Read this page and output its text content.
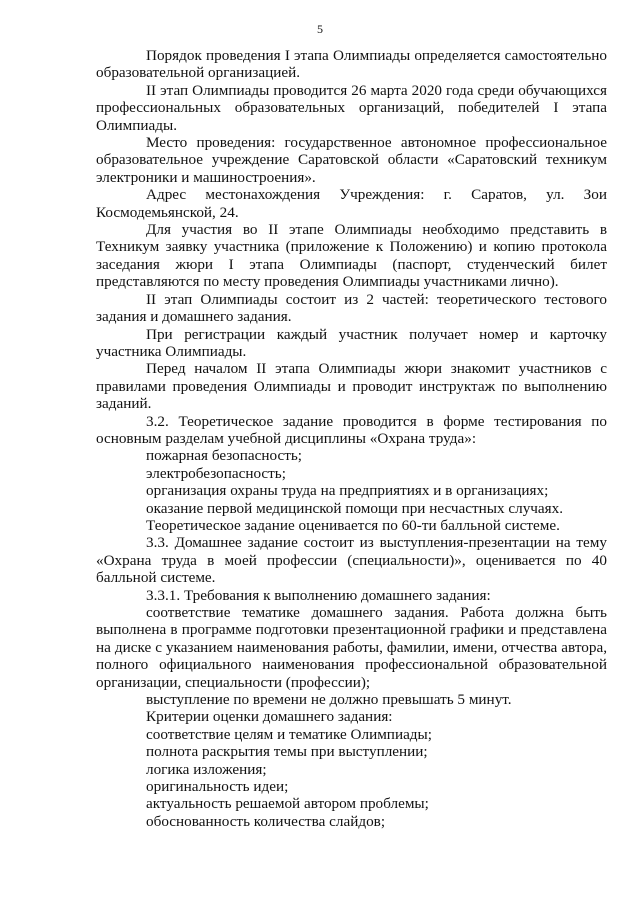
5

Порядок проведения I этапа Олимпиады определяется самостоятельно образовательной организацией.

II этап Олимпиады проводится 26 марта 2020 года среди обучающихся профессиональных образовательных организаций, победителей I этапа Олимпиады.

Место проведения: государственное автономное профессиональное образовательное учреждение Саратовской области «Саратовский техникум электроники и машиностроения».

Адрес местонахождения Учреждения: г. Саратов, ул. Зои Космодемьянской, 24.

Для участия во II этапе Олимпиады необходимо представить в Техникум заявку участника (приложение к Положению) и копию протокола заседания жюри I этапа Олимпиады (паспорт, студенческий билет представляются по месту проведения Олимпиады участниками лично).

II этап Олимпиады состоит из 2 частей: теоретического тестового задания и домашнего задания.

При регистрации каждый участник получает номер и карточку участника Олимпиады.

Перед началом II этапа Олимпиады жюри знакомит участников с правилами проведения Олимпиады и проводит инструктаж по выполнению заданий.

3.2. Теоретическое задание проводится в форме тестирования по основным разделам учебной дисциплины «Охрана труда»:

пожарная безопасность;

электробезопасность;

организация охраны труда на предприятиях и в организациях;

оказание первой медицинской помощи при несчастных случаях.

Теоретическое задание оценивается по 60-ти балльной системе.

3.3. Домашнее задание состоит из выступления-презентации на тему «Охрана труда в моей профессии (специальности)», оценивается по 40 балльной системе.

3.3.1. Требования к выполнению домашнего задания:

соответствие тематике домашнего задания. Работа должна быть выполнена в программе подготовки презентационной графики и представлена на диске с указанием наименования работы, фамилии, имени, отчества автора, полного официального наименования профессиональной образовательной организации, специальности (профессии);

выступление по времени не должно превышать 5 минут.

Критерии оценки домашнего задания:

соответствие целям и тематике Олимпиады;

полнота раскрытия темы при выступлении;

логика изложения;

оригинальность идеи;

актуальность решаемой автором проблемы;

обоснованность количества слайдов;
